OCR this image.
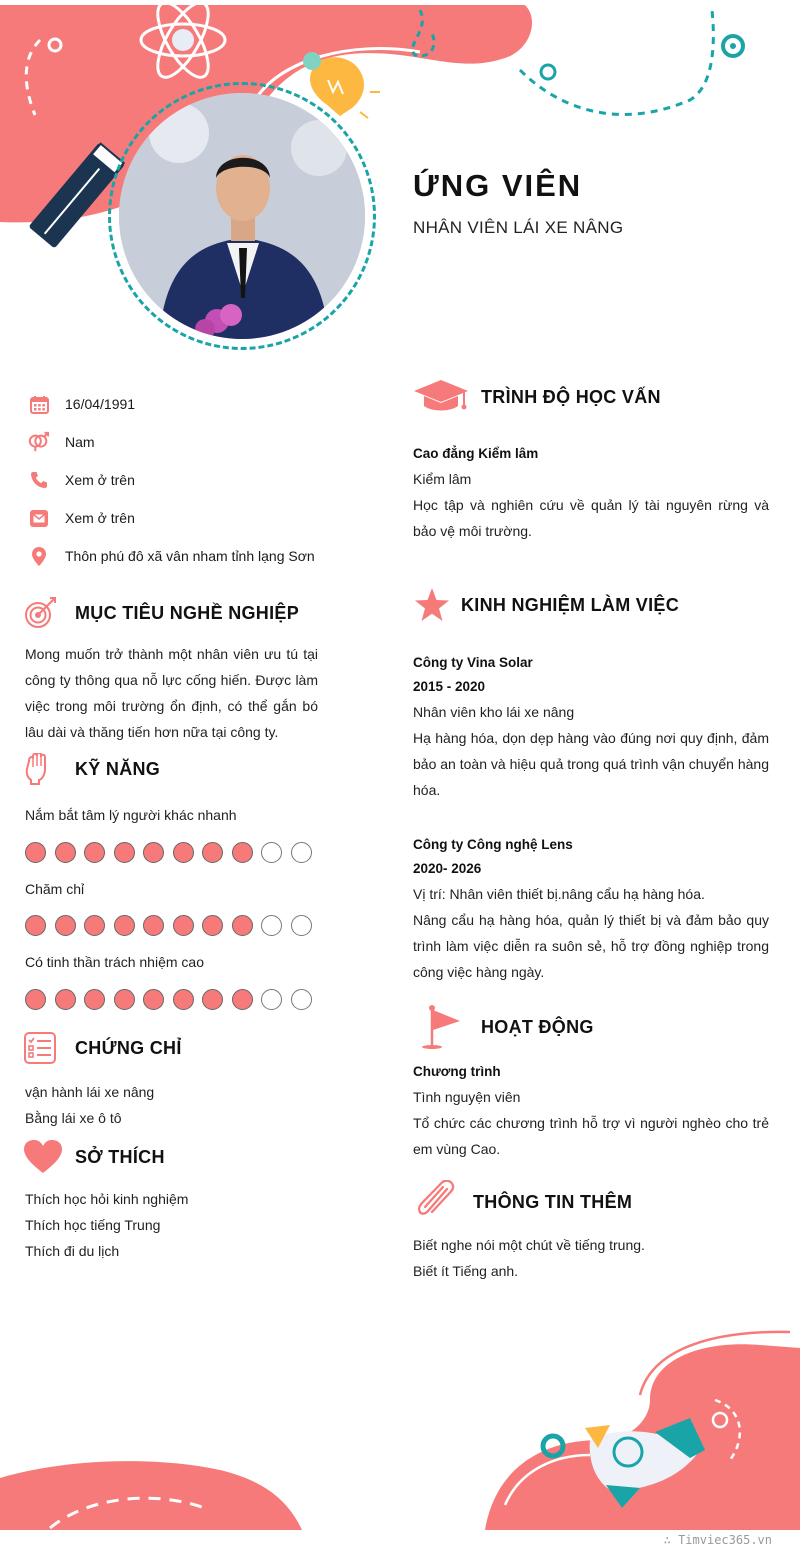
ỨNG VIÊN
NHÂN VIÊN LÁI XE NÂNG
16/04/1991
Nam
Xem ở trên
Xem ở trên
Thôn phú đô xã vân nham tỉnh lạng Sơn
MỤC TIÊU NGHỀ NGHIỆP
Mong muốn trở thành một nhân viên ưu tú tại công ty thông qua nỗ lực cống hiến. Được làm việc trong môi trường ổn định, có thể gắn bó lâu dài và thăng tiến hơn nữa tại công ty.
KỸ NĂNG
Nắm bắt tâm lý người khác nhanh
Chăm chỉ
Có tinh thần trách nhiệm cao
CHỨNG CHỈ
vận hành lái xe nâng
Bằng lái xe ô tô
SỞ THÍCH
Thích học hỏi kinh nghiệm
Thích học tiếng Trung
Thích đi du lịch
TRÌNH ĐỘ HỌC VẤN
Cao đẳng Kiểm lâm
Kiểm lâm
Học tập và nghiên cứu về quản lý tài nguyên rừng và bảo vệ môi trường.
KINH NGHIỆM LÀM VIỆC
Công ty Vina Solar
2015 - 2020
Nhân viên kho lái xe nâng
Hạ hàng hóa, dọn dẹp hàng vào đúng nơi quy định, đảm bảo an toàn và hiệu quả trong quá trình vận chuyển hàng hóa.
Công ty Công nghệ Lens
2020- 2026
Vị trí: Nhân viên thiết bị.nâng cẩu hạ hàng hóa.
Nâng cẩu hạ hàng hóa, quản lý thiết bị và đảm bảo quy trình làm việc diễn ra suôn sẻ, hỗ trợ đồng nghiệp trong công việc hàng ngày.
HOẠT ĐỘNG
Chương trình
Tình nguyện viên
Tổ chức các chương trình hỗ trợ vì người nghèo cho trẻ em vùng Cao.
THÔNG TIN THÊM
Biết nghe nói một chút về tiếng trung.
Biết ít Tiếng anh.
∴ Timviec365.vn
